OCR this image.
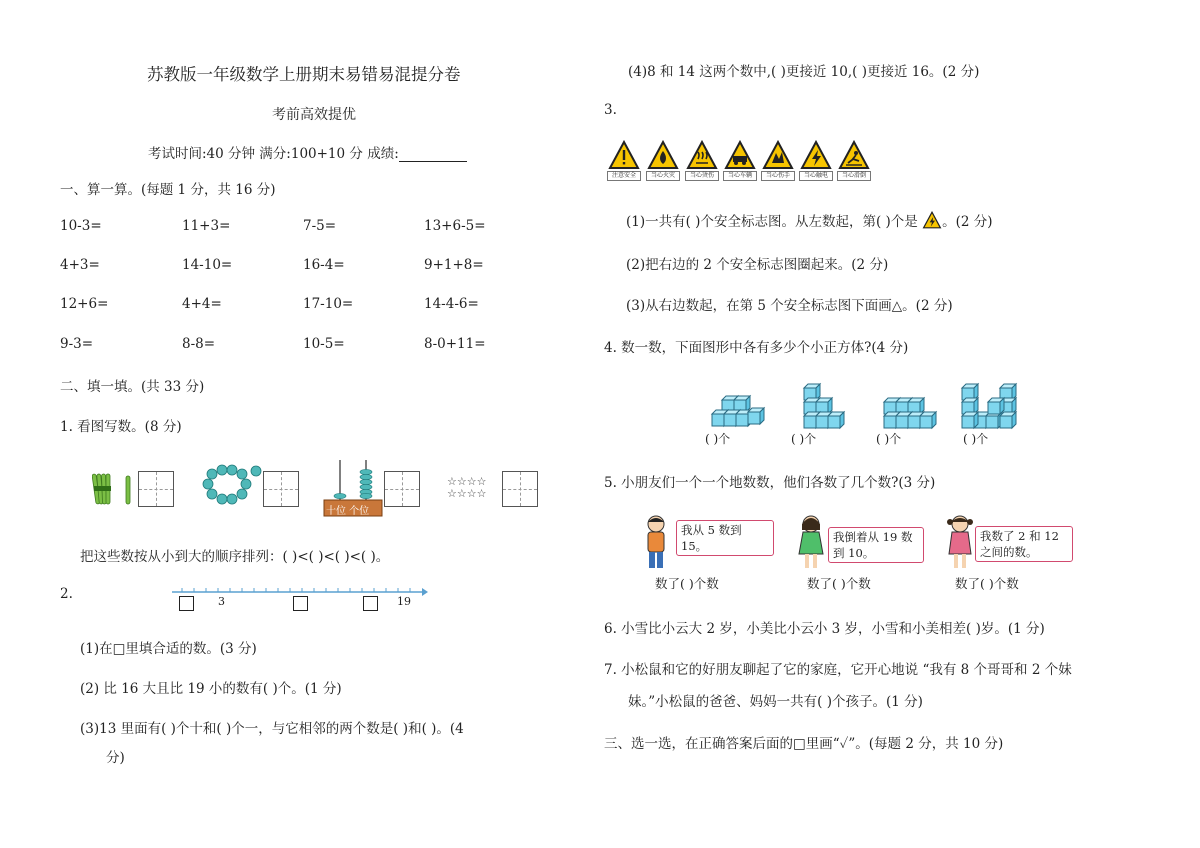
苏教版一年级数学上册期末易错易混提分卷
考前高效提优
考试时间:40 分钟 满分:100+10 分 成绩:
一、算一算。(每题 1 分，共 16 分)
10-3=	11+3=	7-5=	13+6-5=
4+3=	14-10=	16-4=	9+1+8=
12+6=	4+4=	17-10=	14-4-6=
9-3=	8-8=	10-5=	8-0+11=
二、填一填。(共 33 分)
1. 看图写数。(8 分)
十位 个位
☆☆☆☆
☆☆☆☆
把这些数按从小到大的顺序排列：( )<( )<( )<( )。
2.	3	19
(1)在□里填合适的数。(3 分)
(2) 比 16 大且比 19 小的数有( )个。(1 分)
(3)13 里面有( )个十和( )个一，与它相邻的两个数是( )和( )。(4
分)
(4)8 和 14 这两个数中,( )更接近 10,( )更接近 16。(2 分)
3.
注意安全	当心火灾	当心烫伤	当心车辆	当心伤手	当心触电	当心滑倒
(1)一共有( )个安全标志图。从左数起，第( )个是 。(2 分)
(2)把右边的 2 个安全标志图圈起来。(2 分)
(3)从右边数起，在第 5 个安全标志图下面画△。(2 分)
4. 数一数，下面图形中各有多少个小正方体?(4 分)
( )个	( )个	( )个	( )个
5. 小朋友们一个一个地数数，他们各数了几个数?(3 分)
我从 5 数到 15。
我倒着从 19 数到 10。
我数了 2 和 12 之间的数。
数了( )个数	数了( )个数	数了( )个数
6. 小雪比小云大 2 岁，小美比小云小 3 岁，小雪和小美相差( )岁。(1 分)
7. 小松鼠和它的好朋友聊起了它的家庭，它开心地说 “我有 8 个哥哥和 2 个妹
妹。”小松鼠的爸爸、妈妈一共有( )个孩子。(1 分)
三、选一选，在正确答案后面的□里画“✓”。(每题 2 分，共 10 分)
